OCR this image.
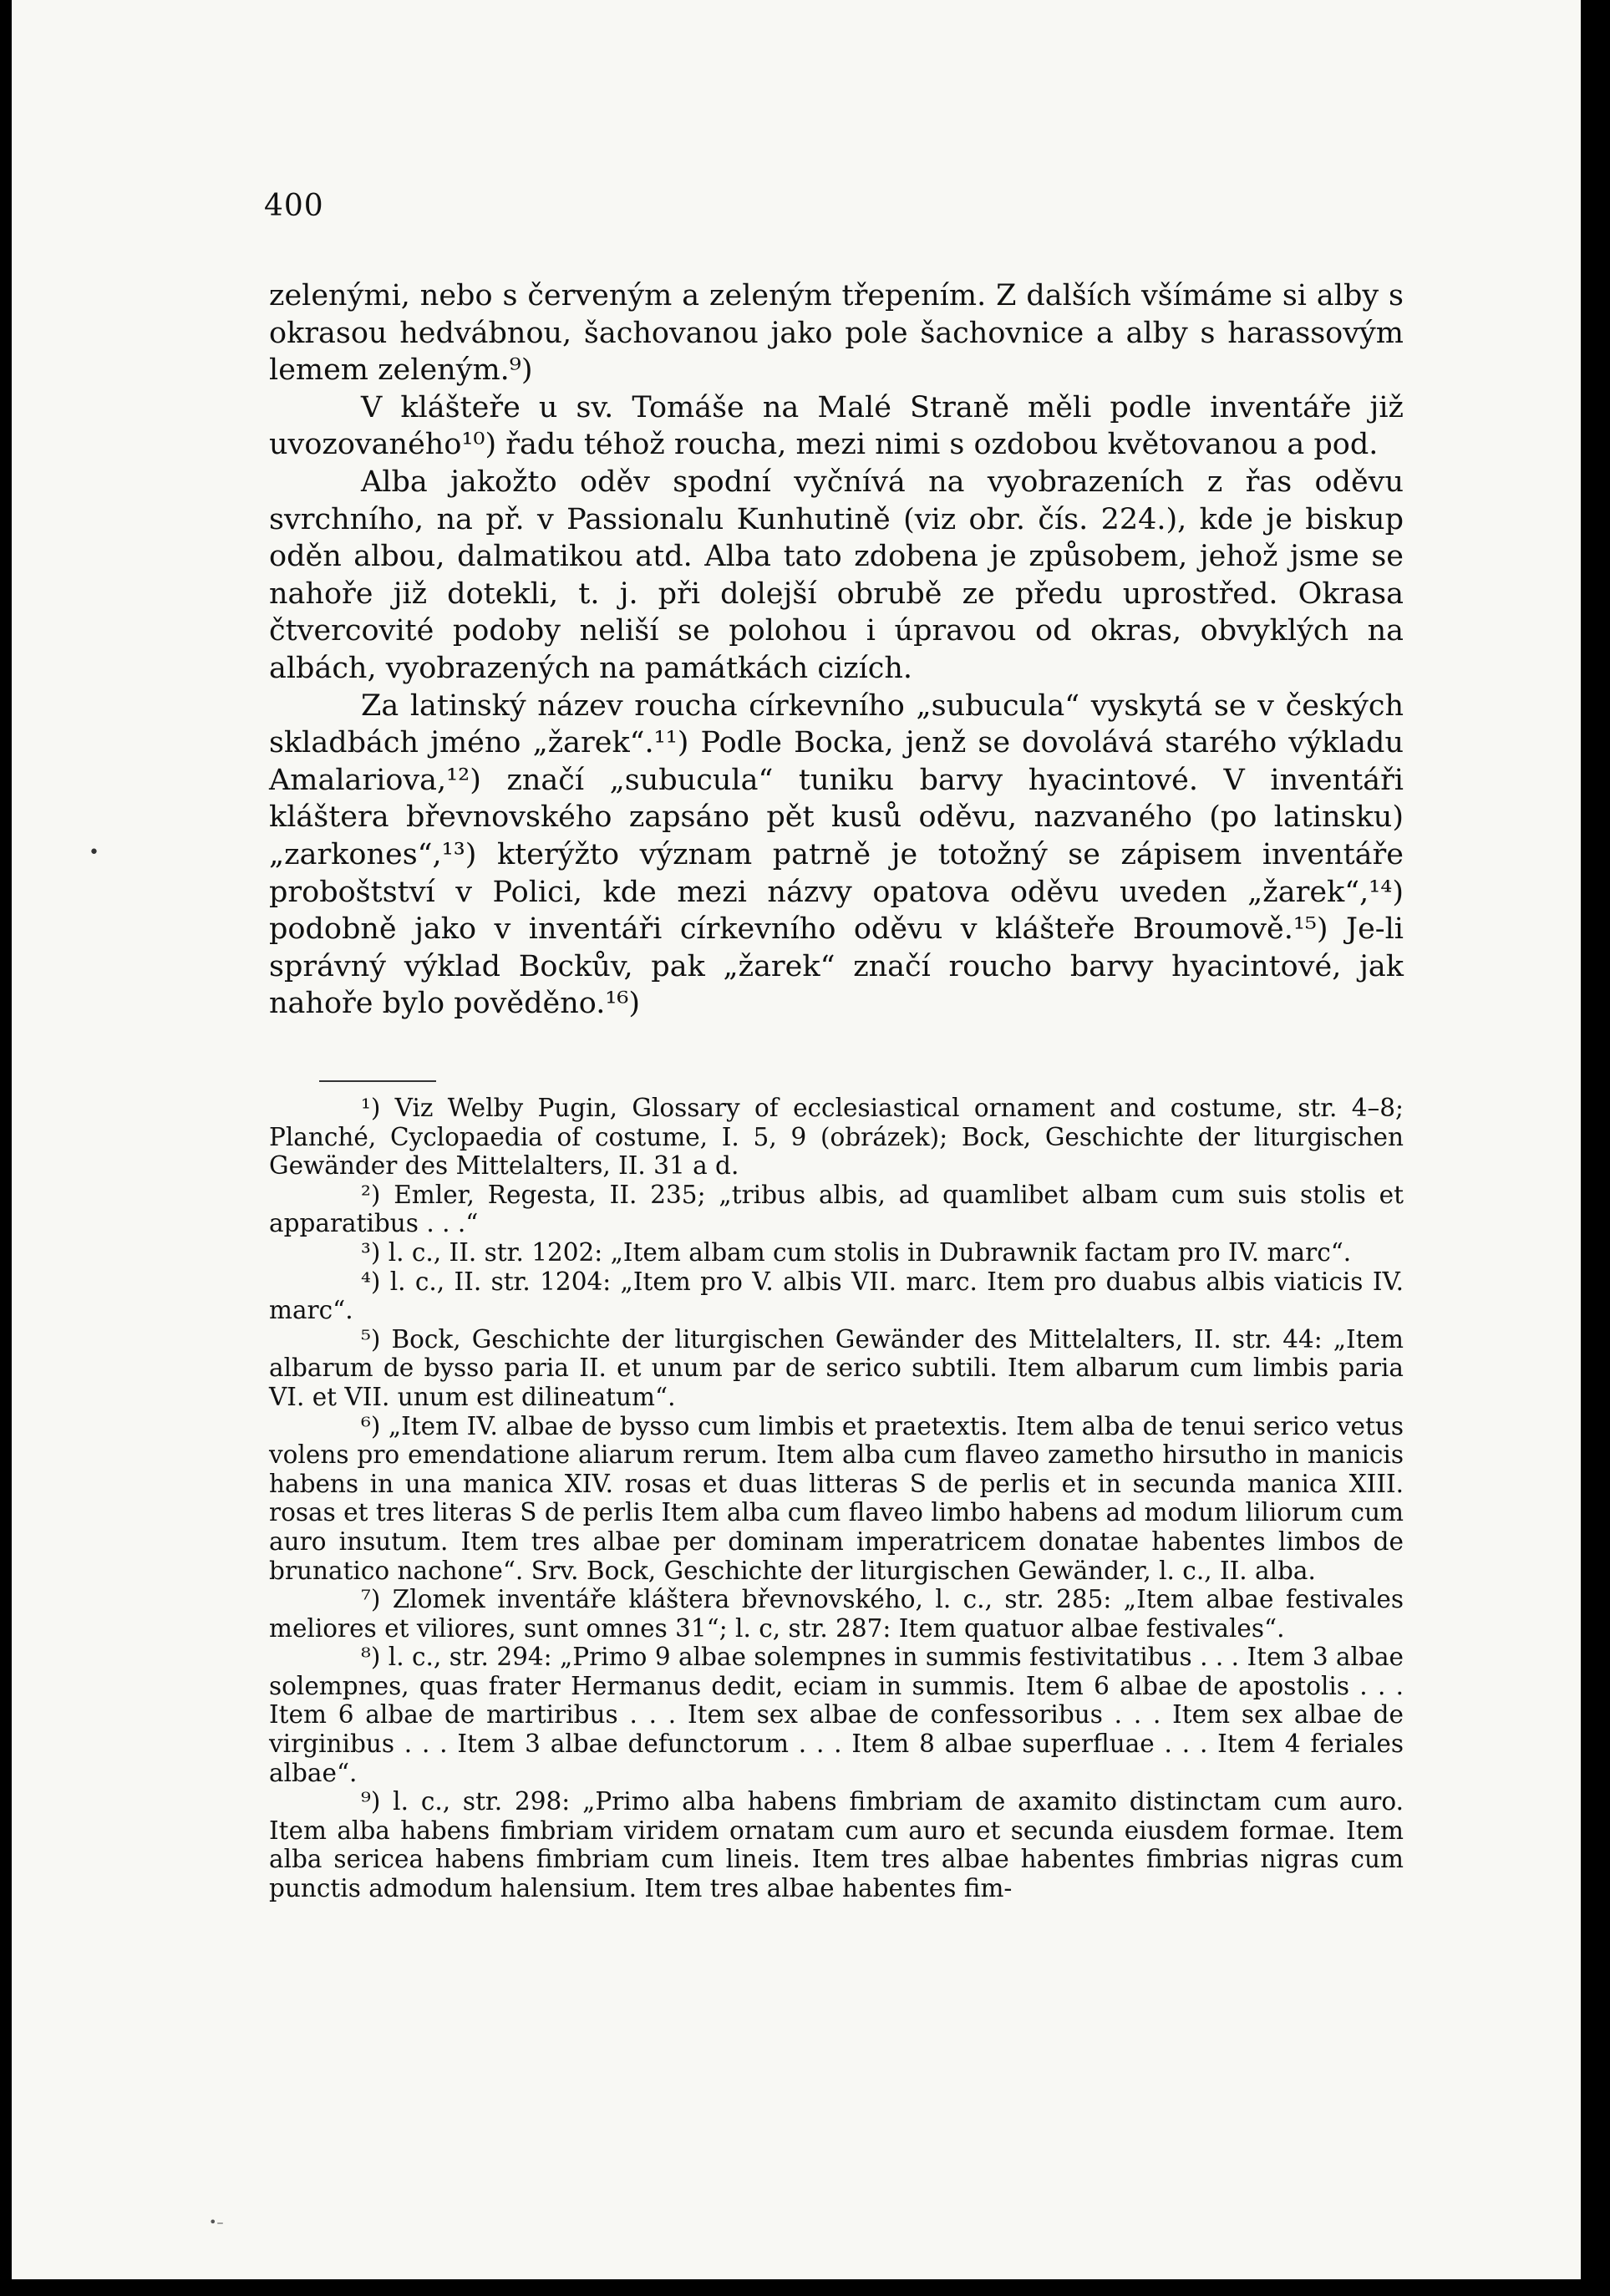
400

zelenými, nebo s červeným a zeleným třepením. Z dalších všímáme si alby s okrasou hedvábnou, šachovanou jako pole šachovnice a alby s harassovým lemem zeleným.⁹)

V klášteře u sv. Tomáše na Malé Straně měli podle inventáře již uvozovaného¹⁰) řadu téhož roucha, mezi nimi s ozdobou květovanou a pod.

Alba jakožto oděv spodní vyčnívá na vyobrazeních z řas oděvu svrchního, na př. v Passionalu Kunhutině (viz obr. čís. 224.), kde je biskup oděn albou, dalmatikou atd. Alba tato zdobena je způsobem, jehož jsme se nahoře již dotekli, t. j. při dolejší obrubě ze předu uprostřed. Okrasa čtvercovité podoby neliší se polohou i úpravou od okras, obvyklých na albách, vyobrazených na památkách cizích.

Za latinský název roucha církevního „subucula“ vyskytá se v českých skladbách jméno „žarek“.¹¹) Podle Bocka, jenž se dovolává starého výkladu Amalariova,¹²) značí „subucula“ tuniku barvy hyacintové. V inventáři kláštera břevnovského zapsáno pět kusů oděvu, nazvaného (po latinsku) „zarkones“,¹³) kterýžto význam patrně je totožný se zápisem inventáře proboštství v Polici, kde mezi názvy opatova oděvu uveden „žarek“,¹⁴) podobně jako v inventáři církevního oděvu v klášteře Broumově.¹⁵) Je-li správný výklad Bockův, pak „žarek“ značí roucho barvy hyacintové, jak nahoře bylo pověděno.¹⁶)

•

¹) Viz Welby Pugin, Glossary of ecclesiastical ornament and costume, str. 4–8; Planché, Cyclopaedia of costume, I. 5, 9 (obrázek); Bock, Geschichte der liturgischen Gewänder des Mittelalters, II. 31 a d.

²) Emler, Regesta, II. 235; „tribus albis, ad quamlibet albam cum suis stolis et apparatibus . . .“

³) l. c., II. str. 1202: „Item albam cum stolis in Dubrawnik factam pro IV. marc“.

⁴) l. c., II. str. 1204: „Item pro V. albis VII. marc. Item pro duabus albis viaticis IV. marc“.

⁵) Bock, Geschichte der liturgischen Gewänder des Mittelalters, II. str. 44: „Item albarum de bysso paria II. et unum par de serico subtili. Item albarum cum limbis paria VI. et VII. unum est dilineatum“.

⁶) „Item IV. albae de bysso cum limbis et praetextis. Item alba de tenui serico vetus volens pro emendatione aliarum rerum. Item alba cum flaveo zametho hirsutho in manicis habens in una manica XIV. rosas et duas litteras S de perlis et in secunda manica XIII. rosas et tres literas S de perlis Item alba cum flaveo limbo habens ad modum liliorum cum auro insutum. Item tres albae per dominam imperatricem donatae habentes limbos de brunatico nachone“. Srv. Bock, Geschichte der liturgischen Gewänder, l. c., II. alba.

⁷) Zlomek inventáře kláštera břevnovského, l. c., str. 285: „Item albae festivales meliores et viliores, sunt omnes 31“; l. c, str. 287: Item quatuor albae festivales“.

⁸) l. c., str. 294: „Primo 9 albae solempnes in summis festivitatibus . . . Item 3 albae solempnes, quas frater Hermanus dedit, eciam in summis. Item 6 albae de apostolis . . . Item 6 albae de martiribus . . . Item sex albae de confessoribus . . . Item sex albae de virginibus . . . Item 3 albae defunctorum . . . Item 8 albae superfluae . . . Item 4 feriales albae“.

⁹) l. c., str. 298: „Primo alba habens fimbriam de axamito distinctam cum auro. Item alba habens fimbriam viridem ornatam cum auro et secunda eiusdem formae. Item alba sericea habens fimbriam cum lineis. Item tres albae habentes fimbrias nigras cum punctis admodum halensium. Item tres albae habentes fim-

•–
